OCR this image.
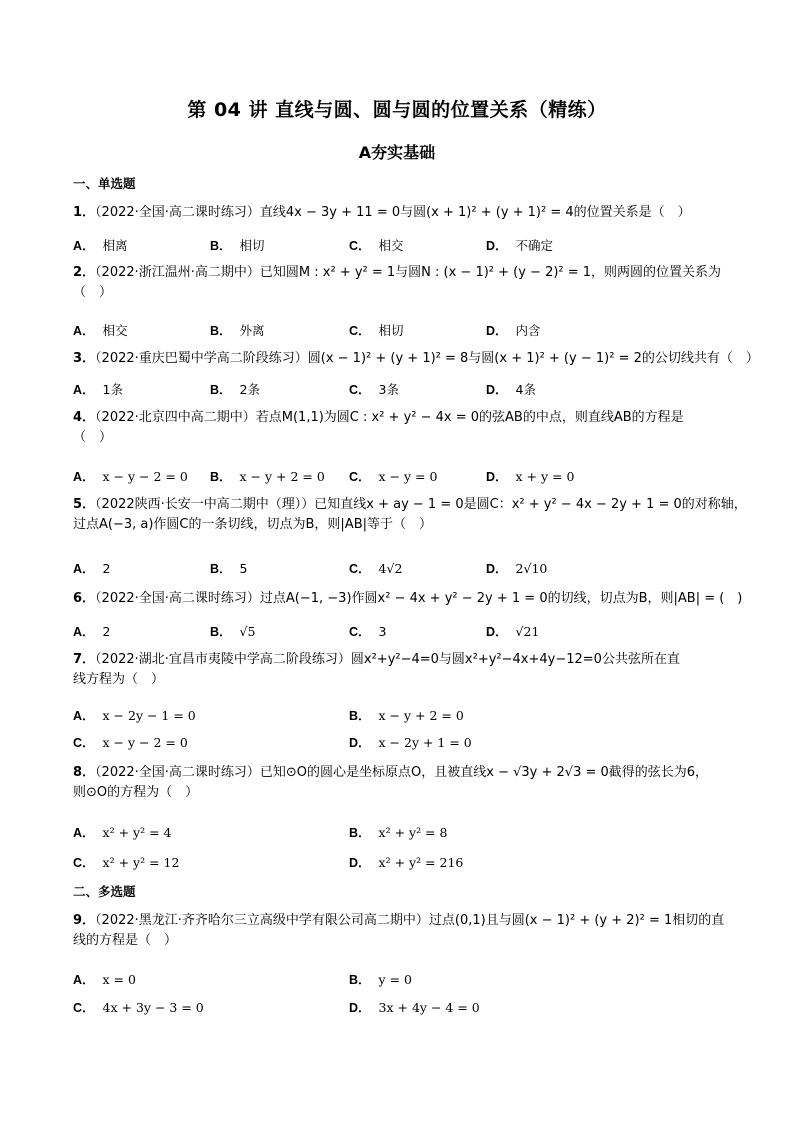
第 04 讲 直线与圆、圆与圆的位置关系（精练）
A夯实基础
一、单选题
1．（2022·全国·高二课时练习）直线4x − 3y + 11 = 0与圆(x + 1)² + (y + 1)² = 4的位置关系是（　）
A． 相离	B． 相切	C． 相交	D． 不确定
2．（2022·浙江温州·高二期中）已知圆M : x² + y² = 1与圆N : (x − 1)² + (y − 2)² = 1，则两圆的位置关系为
（　）
A． 相交	B． 外离	C． 相切	D． 内含
3．（2022·重庆巴蜀中学高二阶段练习）圆(x − 1)² + (y + 1)² = 8与圆(x + 1)² + (y − 1)² = 2的公切线共有（　）
A． 1条	B． 2条	C． 3条	D． 4条
4．（2022·北京四中高二期中）若点M(1,1)为圆C : x² + y² − 4x = 0的弦AB的中点，则直线AB的方程是
（　）
A． x − y − 2 = 0 B． x − y + 2 = 0 C． x − y = 0	D． x + y = 0
5．（2022陕西·长安一中高二期中（理））已知直线x + ay − 1 = 0是圆C：x² + y² − 4x − 2y + 1 = 0的对称轴，
过点A(−3, a)作圆C的一条切线，切点为B，则|AB|等于（　）
A． 2	B． 5	C． 4√2	D． 2√10
6．（2022·全国·高二课时练习）过点A(−1, −3)作圆x² − 4x + y² − 2y + 1 = 0的切线，切点为B，则|AB| = (　)
A． 2	B． √5	C． 3	D． √21
7．（2022·湖北·宜昌市夷陵中学高二阶段练习）圆x²+y²−4=0与圆x²+y²−4x+4y−12=0公共弦所在直
线方程为（　）
A． x − 2y − 1 = 0	B． x − y + 2 = 0
C． x − y − 2 = 0	D． x − 2y + 1 = 0
8．（2022·全国·高二课时练习）已知⊙O的圆心是坐标原点O，且被直线x − √3y + 2√3 = 0截得的弦长为6，
则⊙O的方程为（　）
A． x² + y² = 4	B． x² + y² = 8
C． x² + y² = 12	D． x² + y² = 216
二、多选题
9．（2022·黑龙江·齐齐哈尔三立高级中学有限公司高二期中）过点(0,1)且与圆(x − 1)² + (y + 2)² = 1相切的直
线的方程是（　）
A． x = 0	B． y = 0
C． 4x + 3y − 3 = 0	D． 3x + 4y − 4 = 0
